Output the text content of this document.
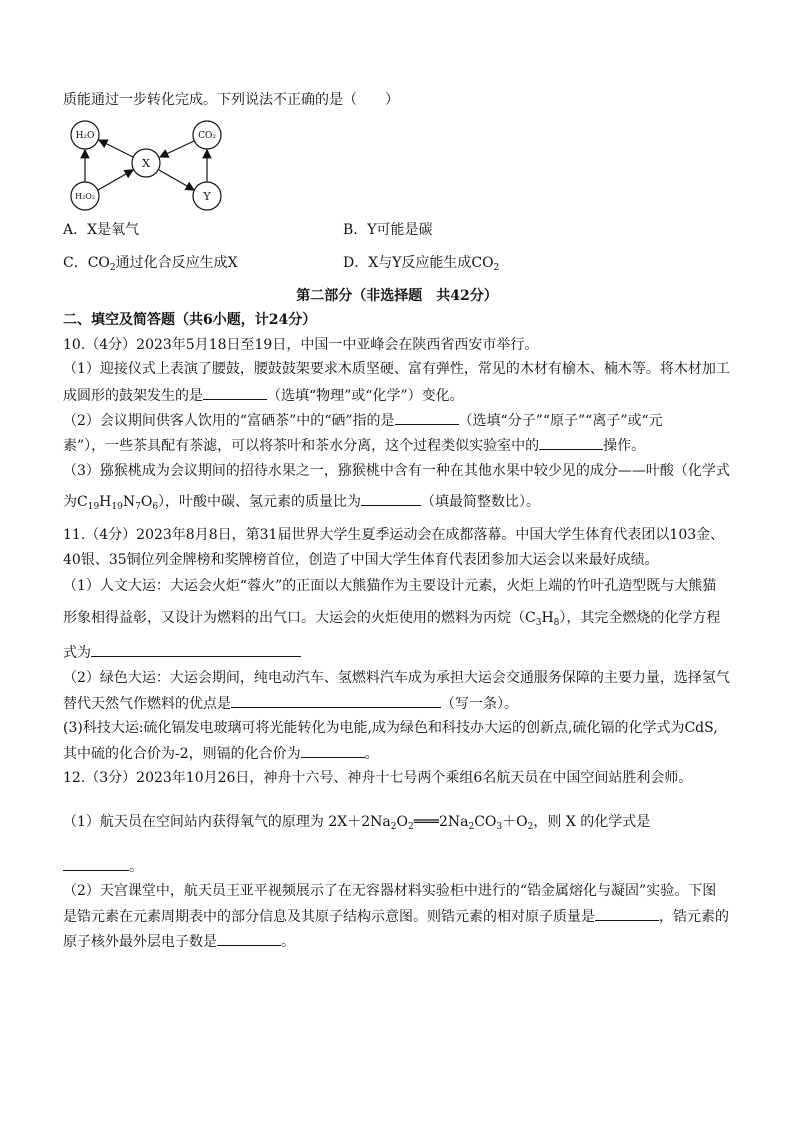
质能通过一步转化完成。下列说法不正确的是（　　）
H₂O	CO₂
X
H₂O₂	Y
A．X是氧气	B．Y可能是碳
C．$CO_2$通过化合反应生成X	D．X与Y反应能生成$CO_2$
第二部分（非选择题　共42分）
二、填空及简答题（共6小题，计24分）
10.（4分）2023年5月18日至19日，中国一中亚峰会在陕西省西安市举行。
（1）迎接仪式上表演了腰鼓，腰鼓鼓架要求木质坚硬、富有弹性，常见的木材有榆木、楠木等。将木材加工
成圆形的鼓架发生的是	（选填“物理”或“化学”）变化。
（2）会议期间供客人饮用的“富硒茶”中的“硒”指的是	（选填“分子”“原子”“离子”或“元
素”），一些茶具配有茶滤，可以将茶叶和茶水分离，这个过程类似实验室中的	操作。
（3）猕猴桃成为会议期间的招待水果之一，猕猴桃中含有一种在其他水果中较少见的成分——叶酸（化学式
为$C_{19}H_{19}N_7O_6$），叶酸中碳、氢元素的质量比为	（填最简整数比）。
11.（4分）2023年8月8日，第31届世界大学生夏季运动会在成都落幕。中国大学生体育代表团以103金、
40银、35铜位列金牌榜和奖牌榜首位，创造了中国大学生体育代表团参加大运会以来最好成绩。
（1）人文大运：大运会火炬“蓉火”的正面以大熊猫作为主要设计元素，火炬上端的竹叶孔造型既与大熊猫
形象相得益彰，又设计为燃料的出气口。大运会的火炬使用的燃料为丙烷$(C_3H_8)$，其完全燃烧的化学方程
式为
（2）绿色大运：大运会期间，纯电动汽车、氢燃料汽车成为承担大运会交通服务保障的主要力量，选择氢气
替代天然气作燃料的优点是	（写一条）。
(3)科技大运:硫化镉发电玻璃可将光能转化为电能,成为绿色和科技办大运的创新点,硫化镉的化学式为CdS,
其中硫的化合价为-2，则镉的化合价为	。
12.（3分）2023年10月26日，神舟十六号、神舟十七号两个乘组6名航天员在中国空间站胜利会师。
（1）航天员在空间站内获得氧气的原理为 $2X+2Na_2O_2═══2Na_2CO_3+O_2$，则 X 的化学式是
。
（2）天宫课堂中，航天员王亚平视频展示了在无容器材料实验柜中进行的“锆金属熔化与凝固”实验。下图
是锆元素在元素周期表中的部分信息及其原子结构示意图。则锆元素的相对原子质量是	，锆元素的
原子核外最外层电子数是	。
